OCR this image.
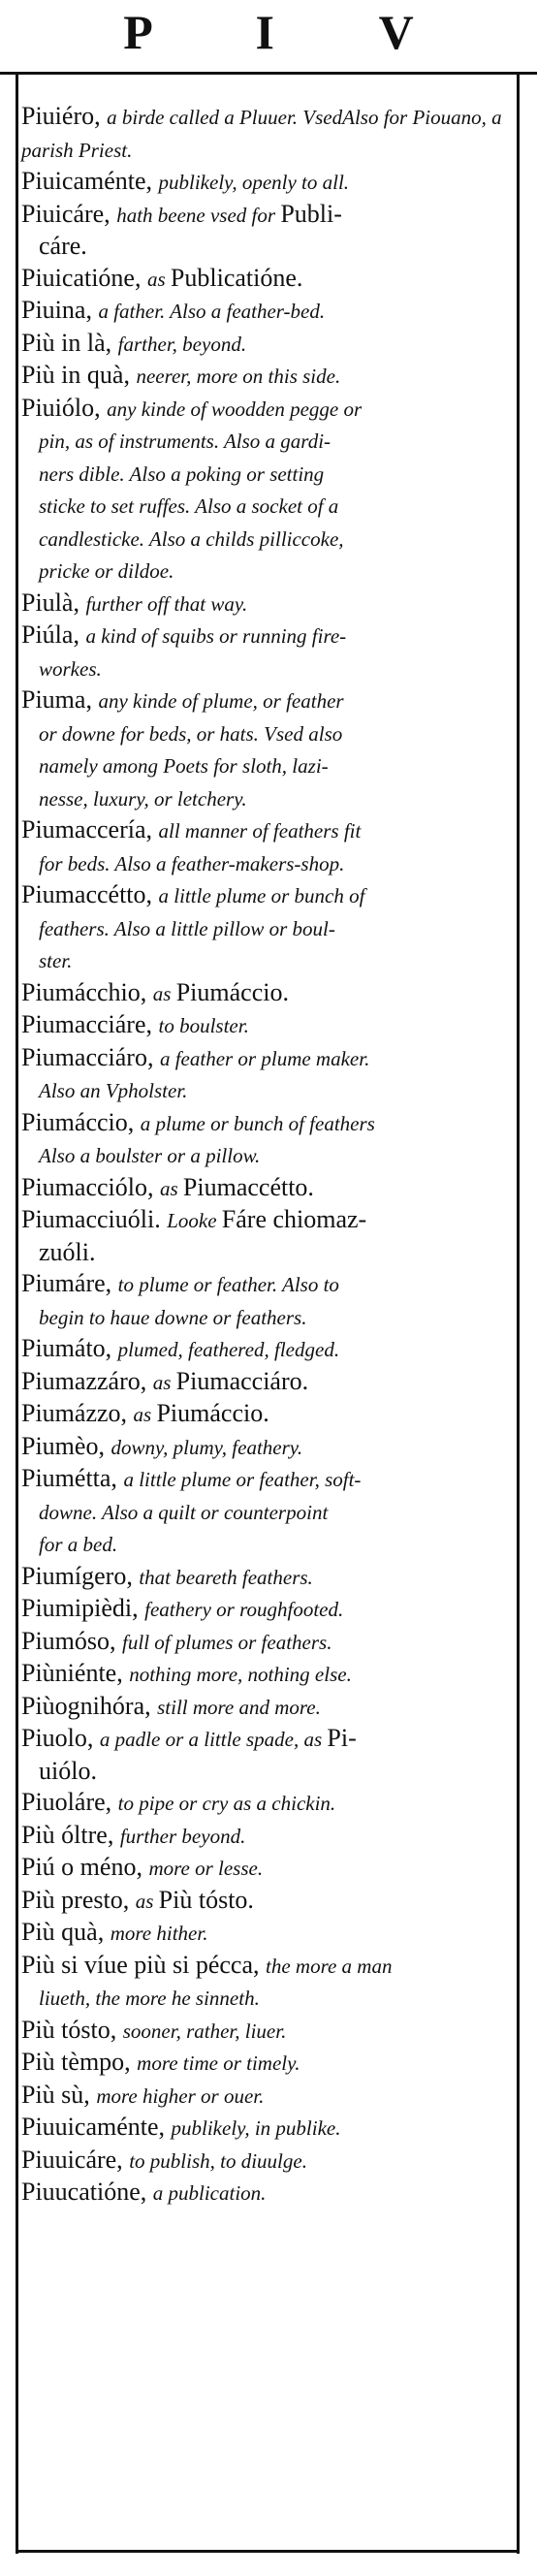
P I V
Piuiéro, a birde called a Pluuer. VsedAlso for Piouano, a parish Priest.
Piuicaménte, publikely, openly to all.
Piuicáre, hath beene vsed for Publi-
cáre.
Piuicatióne, as Publicatióne.
Piuina, a father. Also a feather-bed.
Più in là, farther, beyond.
Più in quà, neerer, more on this side.
Piuiólo, any kinde of woodden pegge or
pin, as of instruments. Also a gardi-
ners dible. Also a poking or setting
sticke to set ruffes. Also a socket of a
candlesticke. Also a childs pilliccoke,
pricke or dildoe.
Piulà, further off that way.
Piúla, a kind of squibs or running fire-
workes.
Piuma, any kinde of plume, or feather
or downe for beds, or hats. Vsed also
namely among Poets for sloth, lazi-
nesse, luxury, or letchery.
Piumaccería, all manner of feathers fit
for beds. Also a feather-makers-shop.
Piumaccétto, a little plume or bunch of
feathers. Also a little pillow or boul-
ster.
Piumácchio, as Piumáccio.
Piumacciáre, to boulster.
Piumacciáro, a feather or plume maker.
Also an Vpholster.
Piumáccio, a plume or bunch of feathers
Also a boulster or a pillow.
Piumacciólo, as Piumaccétto.
Piumacciuóli. Looke Fáre chiomaz-
zuóli.
Piumáre, to plume or feather. Also to
begin to haue downe or feathers.
Piumáto, plumed, feathered, fledged.
Piumazzáro, as Piumacciáro.
Piumázzo, as Piumáccio.
Piumèo, downy, plumy, feathery.
Piumétta, a little plume or feather, soft-
downe. Also a quilt or counterpoint
for a bed.
Piumígero, that beareth feathers.
Piumipièdi, feathery or roughfooted.
Piumóso, full of plumes or feathers.
Piùniénte, nothing more, nothing else.
Piùognihóra, still more and more.
Piuolo, a padle or a little spade, as Pi-
uiólo.
Piuoláre, to pipe or cry as a chickin.
Più óltre, further beyond.
Piú o méno, more or lesse.
Più presto, as Più tósto.
Più quà, more hither.
Più si víue più si pécca, the more a man
liueth, the more he sinneth.
Più tósto, sooner, rather, liuer.
Più tèmpo, more time or timely.
Più sù, more higher or ouer.
Piuuicaménte, publikely, in publike.
Piuuicáre, to publish, to diuulge.
Piuucatióne, a publication.
